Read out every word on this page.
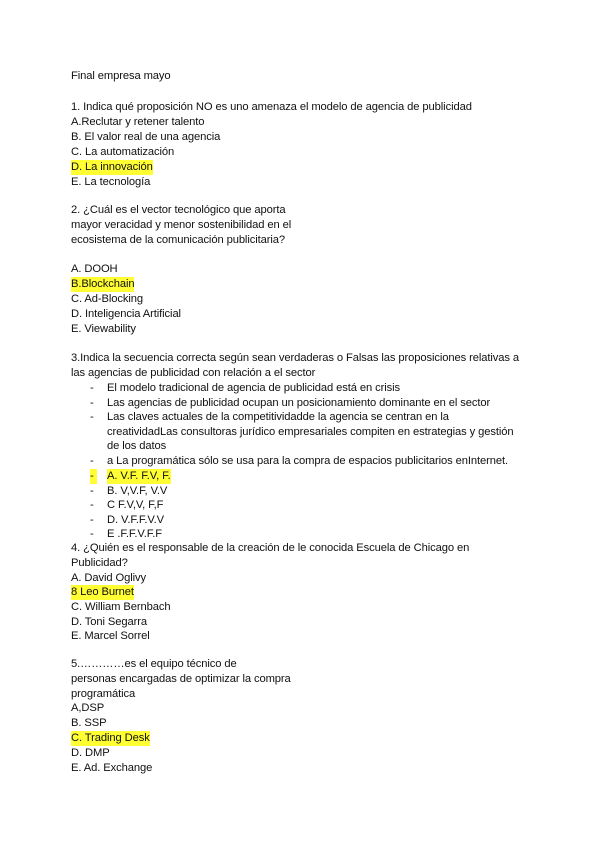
Final empresa mayo
1. Indica qué proposición NO es uno amenaza el modelo de agencia de publicidad
A.Reclutar y retener talento
B. El valor real de una agencia
C. La automatización
D. La innovación
E. La tecnología
2. ¿Cuál es el vector tecnológico que aporta
mayor veracidad y menor sostenibilidad en el
ecosistema de la comunicación publicitaria?
A. DOOH
B.Blockchain
C. Ad-Blocking
D. Inteligencia Artificial
E. Viewability
3.Indica la secuencia correcta según sean verdaderas o Falsas las proposiciones relativas a
las agencias de publicidad con relación a el sector
- El modelo tradicional de agencia de publicidad está en crisis
- Las agencias de publicidad ocupan un posicionamiento dominante en el sector
- Las claves actuales de la competitividadde la agencia se centran en la
creatividadLas consultoras jurídico empresariales compiten en estrategias y gestión
de los datos
- a La programática sólo se usa para la compra de espacios publicitarios enInternet.
- A. V.F. F.V, F.
- B. V,V.F, V.V
- C F.V,V, F,F
- D. V.F.F.V.V
- E .F.F.V.F.F
4. ¿Quién es el responsable de la creación de le conocida Escuela de Chicago en
Publicidad?
A. David Oglivy
8 Leo Burnet
C. William Bernbach
D. Toni Segarra
E. Marcel Sorrel
5.…………es el equipo técnico de
personas encargadas de optimizar la compra
programática
A,DSP
B. SSP
C. Trading Desk
D. DMP
E. Ad. Exchange
